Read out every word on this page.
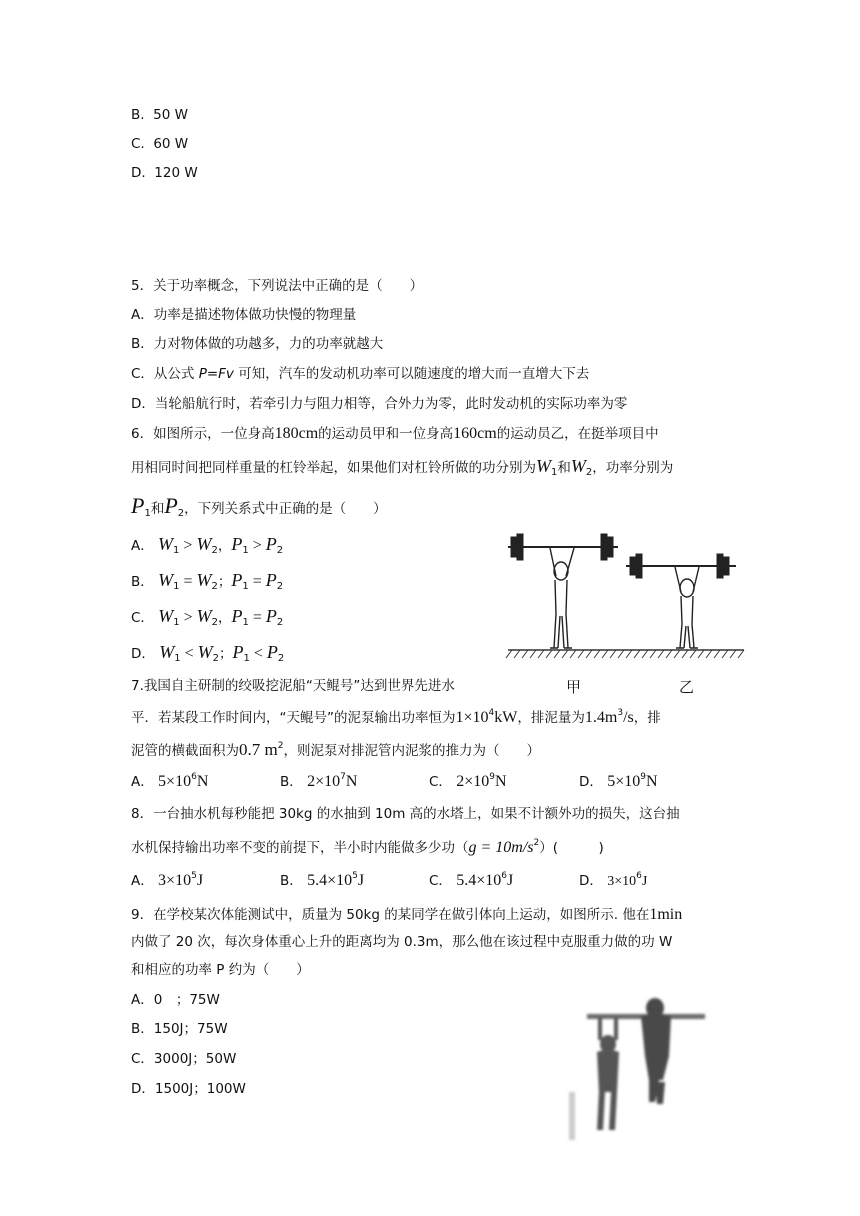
B. 50 W
C. 60 W
D. 120 W
5．关于功率概念，下列说法中正确的是（　　）
A．功率是描述物体做功快慢的物理量
B．力对物体做的功越多，力的功率就越大
C．从公式 P=Fv 可知，汽车的发动机功率可以随速度的增大而一直增大下去
D．当轮船航行时，若牵引力与阻力相等，合外力为零，此时发动机的实际功率为零
6．如图所示，一位身高180cm的运动员甲和一位身高160cm的运动员乙，在挺举项目中
用相同时间把同样重量的杠铃举起，如果他们对杠铃所做的功分别为$W_1$和$W_2$，功率分别为
$P_1$和$P_2$，下列关系式中正确的是（　　）
A． $W_1 > W_2$，$P_1 > P_2$
B． $W_1 = W_2$；$P_1 = P_2$
C． $W_1 > W_2$，$P_1 = P_2$
D． $W_1 < W_2$；$P_1 < P_2$
甲	乙
7.我国自主研制的绞吸挖泥船“天鲲号”达到世界先进水
平．若某段工作时间内，“天鲲号”的泥泵输出功率恒为$1\times 10^4kW$，排泥量为$1.4m^3/s$，排
泥管的横截面积为0.7 $m^2$，则泥泵对排泥管内泥浆的推力为（　　）
A． $5\times 10^6N$	B． $2\times 10^7N$	C． $2\times 10^9N$	D． $5\times 10^9N$
8．一台抽水机每秒能把 30kg 的水抽到 10m 高的水塔上，如果不计额外功的损失，这台抽
水机保持输出功率不变的前提下，半小时内能做多少功$(g = 10m/s^2)$(　　　)
A． $3\times 10^5J$	B． $5.4\times 10^5J$	C． $5.4\times 10^6J$	D． $3\times 10^6J$
9．在学校某次体能测试中，质量为 50kg 的某同学在做引体向上运动，如图所示. 他在1min
内做了 20 次，每次身体重心上升的距离均为 0.3m，那么他在该过程中克服重力做的功 W
和相应的功率 P 约为（　　）
A．0　；75W
B．150J；75W
C．3000J；50W
D．1500J；100W
